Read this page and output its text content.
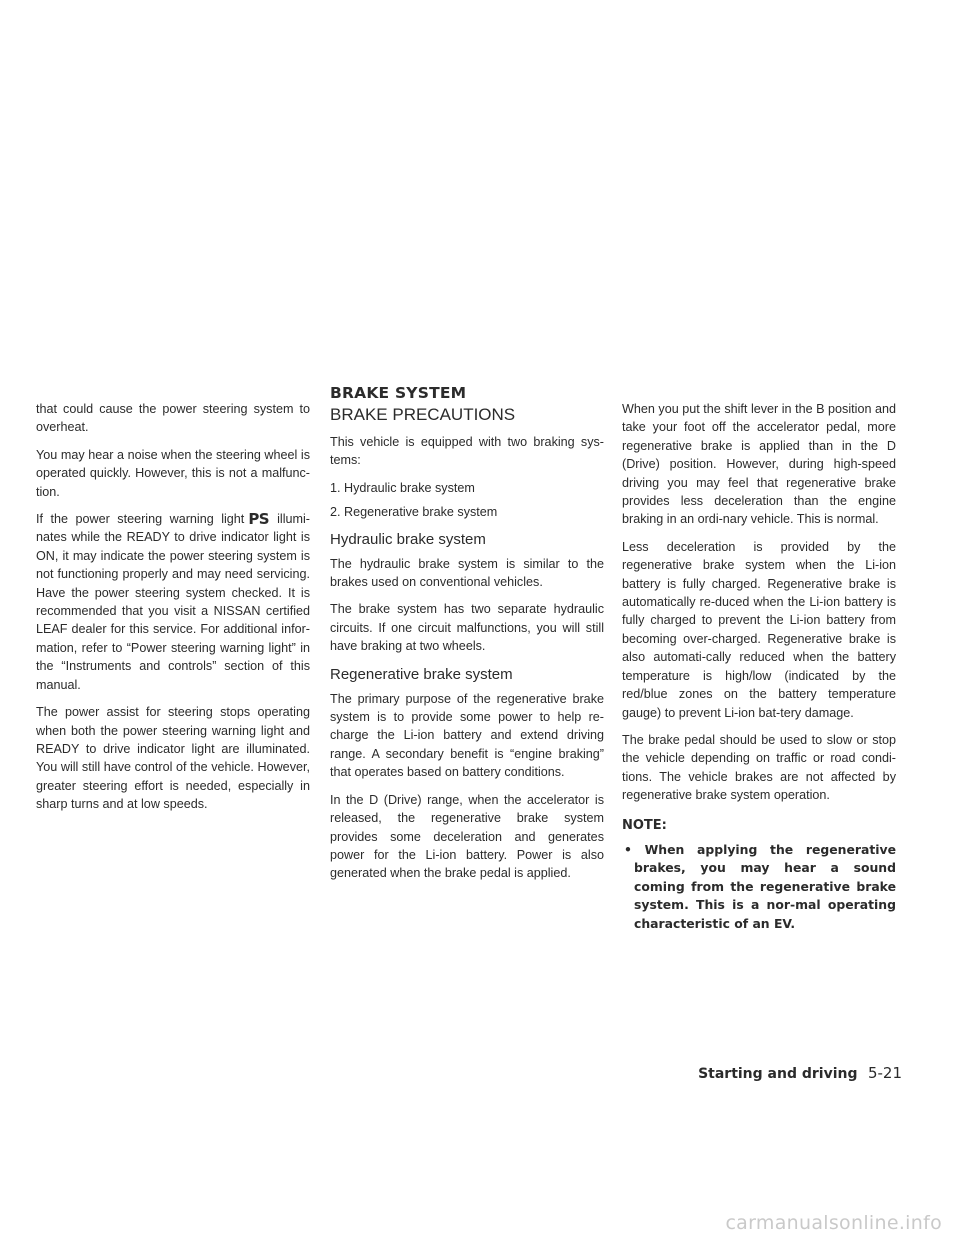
that could cause the power steering system to overheat.

You may hear a noise when the steering wheel is operated quickly. However, this is not a malfunc-tion.

If the power steering warning light PS illumi-nates while the READY to drive indicator light is ON, it may indicate the power steering system is not functioning properly and may need servicing. Have the power steering system checked. It is recommended that you visit a NISSAN certified LEAF dealer for this service. For additional infor-mation, refer to “Power steering warning light” in the “Instruments and controls” section of this manual.

The power assist for steering stops operating when both the power steering warning light and READY to drive indicator light are illuminated. You will still have control of the vehicle. However, greater steering effort is needed, especially in sharp turns and at low speeds.

BRAKE SYSTEM
BRAKE PRECAUTIONS

This vehicle is equipped with two braking sys-tems:

1. Hydraulic brake system
2. Regenerative brake system
Hydraulic brake system

The hydraulic brake system is similar to the brakes used on conventional vehicles.

The brake system has two separate hydraulic circuits. If one circuit malfunctions, you will still have braking at two wheels.

Regenerative brake system

The primary purpose of the regenerative brake system is to provide some power to help re-charge the Li-ion battery and extend driving range. A secondary benefit is “engine braking” that operates based on battery conditions.

In the D (Drive) range, when the accelerator is released, the regenerative brake system provides some deceleration and generates power for the Li-ion battery. Power is also generated when the brake pedal is applied.

When you put the shift lever in the B position and take your foot off the accelerator pedal, more regenerative brake is applied than in the D (Drive) position. However, during high-speed driving you may feel that regenerative brake provides less deceleration than the engine braking in an ordi-nary vehicle. This is normal.

Less deceleration is provided by the regenerative brake system when the Li-ion battery is fully charged. Regenerative brake is automatically re-duced when the Li-ion battery is fully charged to prevent the Li-ion battery from becoming over-charged. Regenerative brake is also automati-cally reduced when the battery temperature is high/low (indicated by the red/blue zones on the battery temperature gauge) to prevent Li-ion bat-tery damage.

The brake pedal should be used to slow or stop the vehicle depending on traffic or road condi-tions. The vehicle brakes are not affected by regenerative brake system operation.

NOTE:

• When applying the regenerative brakes, you may hear a sound coming from the regenerative brake system. This is a nor-mal operating characteristic of an EV.

Starting and driving 5-21
carmanualsonline.info
